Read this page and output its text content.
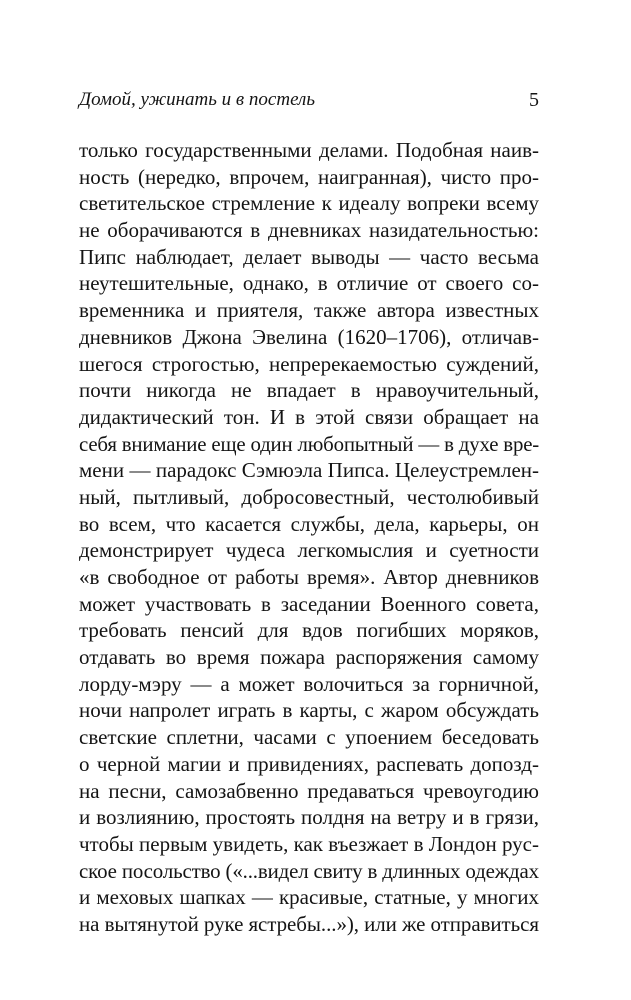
Домой, ужинать и в постель	5
только государственными делами. Подобная наив-
ность (нередко, впрочем, наигранная), чисто про-
светительское стремление к идеалу вопреки всему
не оборачиваются в дневниках назидательностью:
Пипс наблюдает, делает выводы — часто весьма
неутешительные, однако, в отличие от своего со-
временника и приятеля, также автора известных
дневников Джона Эвелина (1620–1706), отличав-
шегося строгостью, непререкаемостью суждений,
почти никогда не впадает в нравоучительный,
дидактический тон. И в этой связи обращает на
себя внимание еще один любопытный — в духе вре-
мени — парадокс Сэмюэла Пипса. Целеустремлен-
ный, пытливый, добросовестный, честолюбивый
во всем, что касается службы, дела, карьеры, он
демонстрирует чудеса легкомыслия и суетности
«в свободное от работы время». Автор дневников
может участвовать в заседании Военного совета,
требовать пенсий для вдов погибших моряков,
отдавать во время пожара распоряжения самому
лорду-мэру — а может волочиться за горничной,
ночи напролет играть в карты, с жаром обсуждать
светские сплетни, часами с упоением беседовать
о черной магии и привидениях, распевать допозд-
на песни, самозабвенно предаваться чревоугодию
и возлиянию, простоять полдня на ветру и в грязи,
чтобы первым увидеть, как въезжает в Лондон рус-
ское посольство («...видел свиту в длинных одеждах
и меховых шапках — красивые, статные, у многих
на вытянутой руке ястребы...»), или же отправиться
